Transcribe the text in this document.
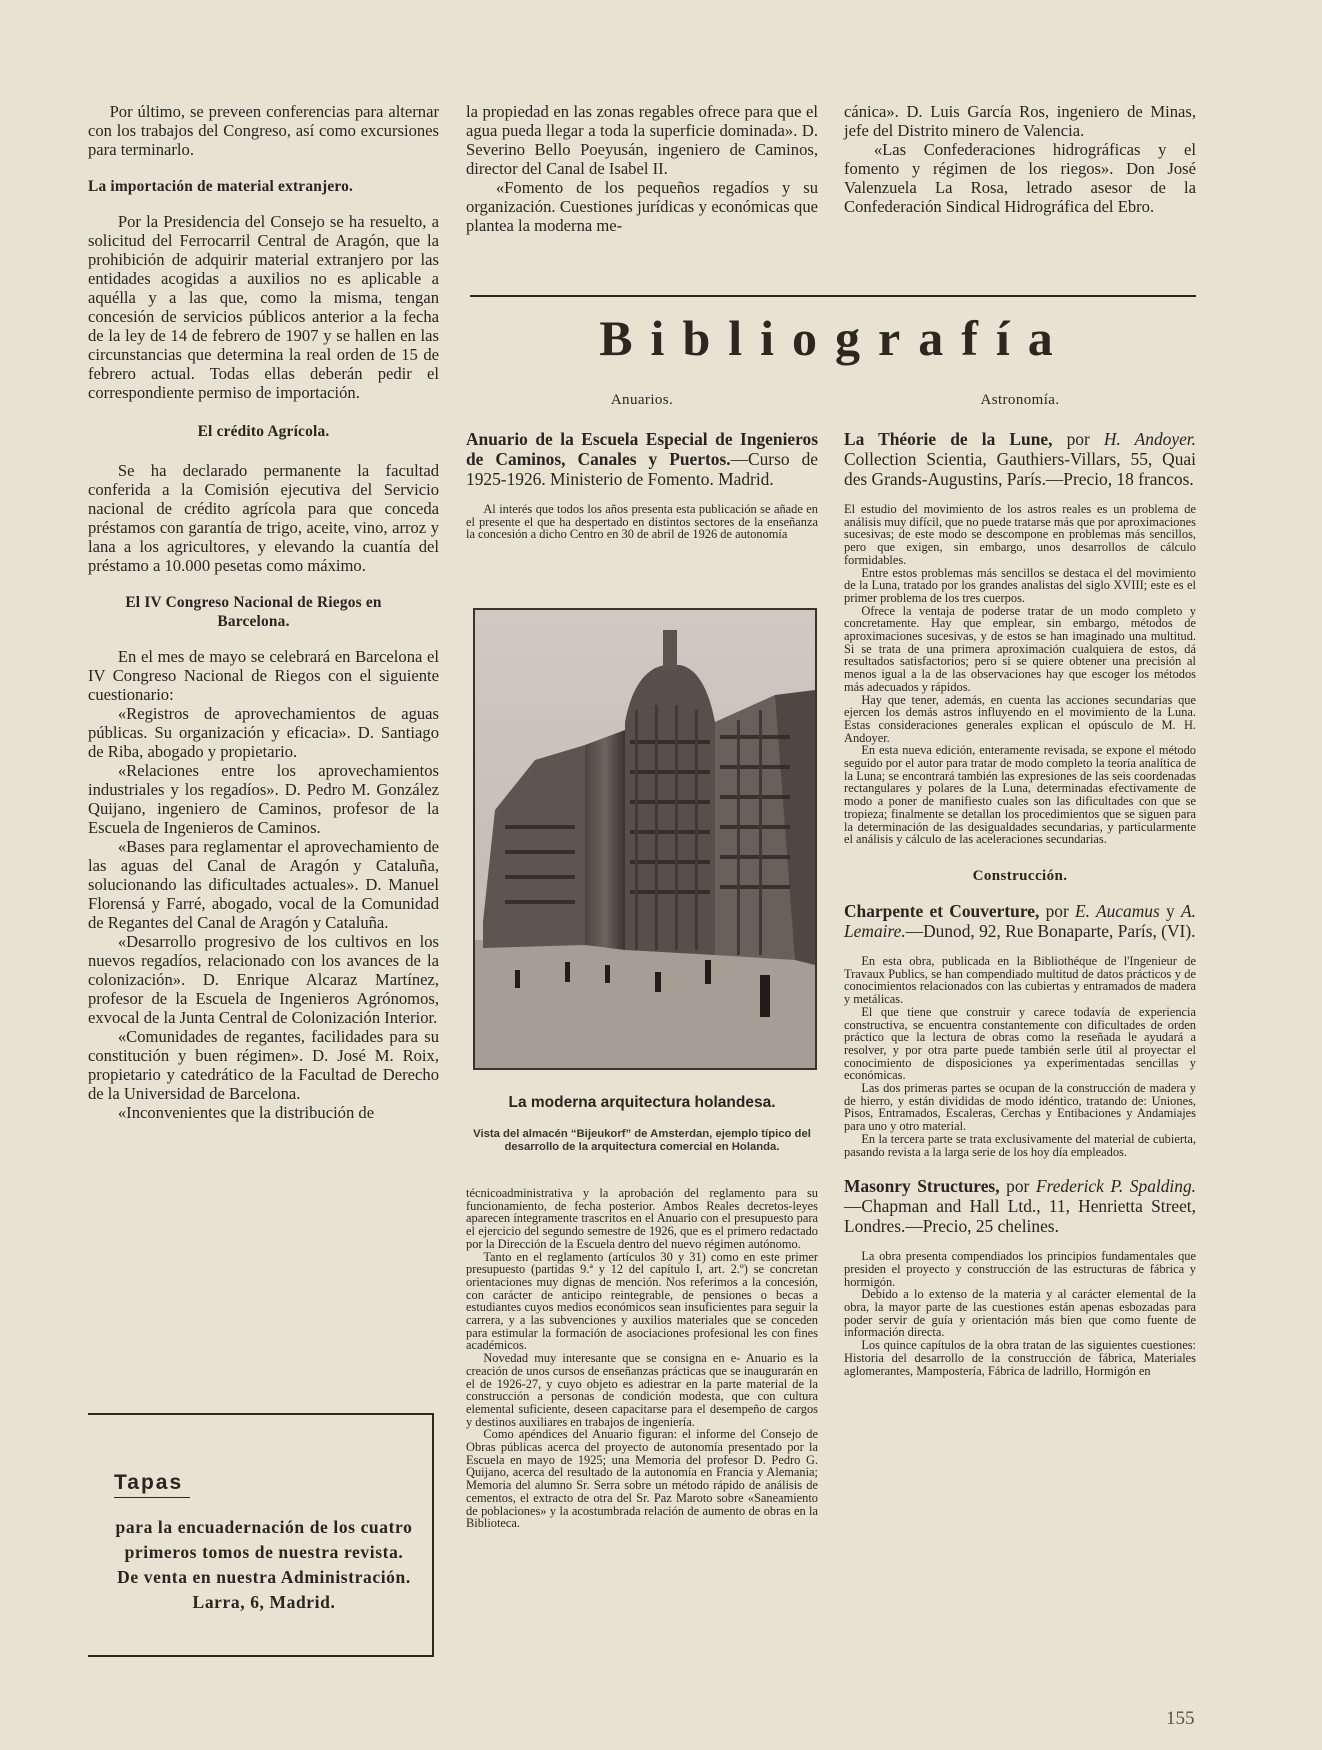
Por último, se preveen conferencias para alternar con los trabajos del Congreso, así como excursiones para terminarlo.

La importación de material extranjero.

Por la Presidencia del Consejo se ha resuelto, a solicitud del Ferrocarril Central de Aragón, que la prohibición de adquirir material extranjero por las entidades acogidas a auxilios no es aplicable a aquélla y a las que, como la misma, tengan concesión de servicios públicos anterior a la fecha de la ley de 14 de febrero de 1907 y se hallen en las circunstancias que determina la real orden de 15 de febrero actual. Todas ellas deberán pedir el correspondiente permiso de importación.

El crédito Agrícola.

Se ha declarado permanente la facultad conferida a la Comisión ejecutiva del Servicio nacional de crédito agrícola para que conceda préstamos con garantía de trigo, aceite, vino, arroz y lana a los agricultores, y elevando la cuantía del préstamo a 10.000 pesetas como máximo.

El IV Congreso Nacional de Riegos en Barcelona.

En el mes de mayo se celebrará en Barcelona el IV Congreso Nacional de Riegos con el siguiente cuestionario:

«Registros de aprovechamientos de aguas públicas. Su organización y eficacia». D. Santiago de Riba, abogado y propietario.

«Relaciones entre los aprovechamientos industriales y los regadíos». D. Pedro M. González Quijano, ingeniero de Caminos, profesor de la Escuela de Ingenieros de Caminos.

«Bases para reglamentar el aprovechamiento de las aguas del Canal de Aragón y Cataluña, solucionando las dificultades actuales». D. Manuel Florensá y Farré, abogado, vocal de la Comunidad de Regantes del Canal de Aragón y Cataluña.

«Desarrollo progresivo de los cultivos en los nuevos regadíos, relacionado con los avances de la colonización». D. Enrique Alcaraz Martínez, profesor de la Escuela de Ingenieros Agrónomos, exvocal de la Junta Central de Colonización Interior.

«Comunidades de regantes, facilidades para su constitución y buen régimen». D. José M. Roix, propietario y catedrático de la Facultad de Derecho de la Universidad de Barcelona.

«Inconvenientes que la distribución de

Tapas
para la encuadernación de los cuatro primeros tomos de nuestra revista. De venta en nuestra Administración. Larra, 6, Madrid.

la propiedad en las zonas regables ofrece para que el agua pueda llegar a toda la superficie dominada». D. Severino Bello Poeyusán, ingeniero de Caminos, director del Canal de Isabel II.

«Fomento de los pequeños regadíos y su organización. Cuestiones jurídicas y económicas que plantea la moderna me-

cánica». D. Luis García Ros, ingeniero de Minas, jefe del Distrito minero de Valencia.

«Las Confederaciones hidrográficas y el fomento y régimen de los riegos». Don José Valenzuela La Rosa, letrado asesor de la Confederación Sindical Hidrográfica del Ebro.

Bibliografía
Anuarios.
Anuario de la Escuela Especial de Ingenieros de Caminos, Canales y Puertos.—Curso de 1925-1926. Ministerio de Fomento. Madrid.

Al interés que todos los años presenta esta publicación se añade en el presente el que ha despertado en distintos sectores de la enseñanza la concesión a dicho Centro en 30 de abril de 1926 de autonomía

La moderna arquitectura holandesa.
Vista del almacén “Bijeukorf” de Amsterdan, ejemplo típico del desarrollo de la arquitectura comercial en Holanda.

técnicoadministrativa y la aprobación del reglamento para su funcionamiento, de fecha posterior. Ambos Reales decretos-leyes aparecen íntegramente trascritos en el Anuario con el presupuesto para el ejercicio del segundo semestre de 1926, que es el primero redactado por la Dirección de la Escuela dentro del nuevo régimen autónomo.

Tanto en el reglamento (artículos 30 y 31) como en este primer presupuesto (partidas 9.ª y 12 del capítulo I, art. 2.º) se concretan orientaciones muy dignas de mención. Nos referimos a la concesión, con carácter de anticipo reintegrable, de pensiones o becas a estudiantes cuyos medios económicos sean insuficientes para seguir la carrera, y a las subvenciones y auxilios materiales que se conceden para estimular la formación de asociaciones profesional les con fines académicos.

Novedad muy interesante que se consigna en e- Anuario es la creación de unos cursos de enseñanzas prácticas que se inaugurarán en el de 1926-27, y cuyo objeto es adiestrar en la parte material de la construcción a personas de condición modesta, que con cultura elemental suficiente, deseen capacitarse para el desempeño de cargos y destinos auxiliares en trabajos de ingeniería.

Como apéndices del Anuario figuran: el informe del Consejo de Obras públicas acerca del proyecto de autonomía presentado por la Escuela en mayo de 1925; una Memoria del profesor D. Pedro G. Quijano, acerca del resultado de la autonomía en Francia y Alemania; Memoria del alumno Sr. Serra sobre un método rápido de análisis de cementos, el extracto de otra del Sr. Paz Maroto sobre «Saneamiento de poblaciones» y la acostumbrada relación de aumento de obras en la Biblioteca.

Astronomía.
La Théorie de la Lune, por H. Andoyer. Collection Scientia, Gauthiers-Villars, 55, Quai des Grands-Augustins, París.—Precio, 18 francos.

El estudio del movimiento de los astros reales es un problema de análisis muy difícil, que no puede tratarse más que por aproximaciones sucesivas; de este modo se descompone en problemas más sencillos, pero que exigen, sin embargo, unos desarrollos de cálculo formidables.

Entre estos problemas más sencillos se destaca el del movimiento de la Luna, tratado por los grandes analistas del siglo XVIII; este es el primer problema de los tres cuerpos.

Ofrece la ventaja de poderse tratar de un modo completo y concretamente. Hay que emplear, sin embargo, métodos de aproximaciones sucesivas, y de estos se han imaginado una multitud. Si se trata de una primera aproximación cualquiera de estos, dá resultados satisfactorios; pero si se quiere obtener una precisión al menos igual a la de las observaciones hay que escoger los métodos más adecuados y rápidos.

Hay que tener, además, en cuenta las acciones secundarias que ejercen los demás astros influyendo en el movimiento de la Luna. Estas consideraciones generales explican el opúsculo de M. H. Andoyer.

En esta nueva edición, enteramente revisada, se expone el método seguido por el autor para tratar de modo completo la teoría analítica de la Luna; se encontrará también las expresiones de las seis coordenadas rectangulares y polares de la Luna, determinadas efectivamente de modo a poner de manifiesto cuales son las dificultades con que se tropieza; finalmente se detallan los procedimientos que se siguen para la determinación de las desigualdades secundarias, y particularmente el análisis y cálculo de las aceleraciones secundarias.

Construcción.
Charpente et Couverture, por E. Aucamus y A. Lemaire.—Dunod, 92, Rue Bonaparte, París, (VI).

En esta obra, publicada en la Bibliothéque de l'Ingenieur de Travaux Publics, se han compendiado multitud de datos prácticos y de conocimientos relacionados con las cubiertas y entramados de madera y metálicas.

El que tiene que construir y carece todavía de experiencia constructiva, se encuentra constantemente con dificultades de orden práctico que la lectura de obras como la reseñada le ayudará a resolver, y por otra parte puede también serle útil al proyectar el conocimiento de disposiciones ya experimentadas sencillas y económicas.

Las dos primeras partes se ocupan de la construcción de madera y de hierro, y están divididas de modo idéntico, tratando de: Uniones, Pisos, Entramados, Escaleras, Cerchas y Entibaciones y Andamiajes para uno y otro material.

En la tercera parte se trata exclusivamente del material de cubierta, pasando revista a la larga serie de los hoy día empleados.

Masonry Structures, por Frederick P. Spalding.—Chapman and Hall Ltd., 11, Henrietta Street, Londres.—Precio, 25 chelines.

La obra presenta compendiados los principios fundamentales que presiden el proyecto y construcción de las estructuras de fábrica y hormigón.

Debido a lo extenso de la materia y al carácter elemental de la obra, la mayor parte de las cuestiones están apenas esbozadas para poder servir de guía y orientación más bien que como fuente de información directa.

Los quince capítulos de la obra tratan de las siguientes cuestiones: Historia del desarrollo de la construcción de fábrica, Materiales aglomerantes, Mampostería, Fábrica de ladrillo, Hormigón en

155
